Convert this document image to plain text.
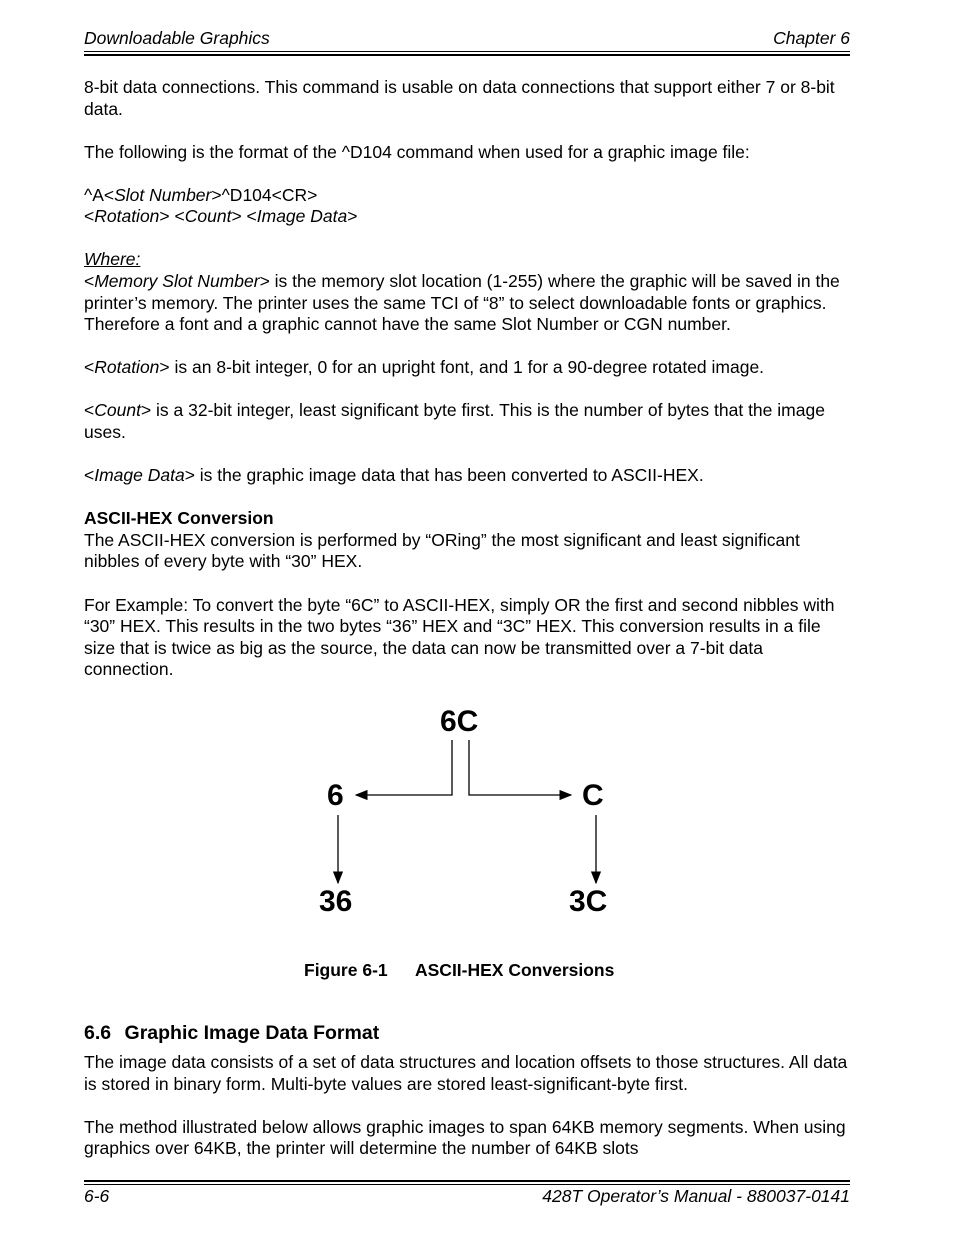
Downloadable Graphics	Chapter 6

8-bit data connections. This command is usable on data connections that support either 7 or 8-bit data.

The following is the format of the ^D104 command when used for a graphic image file:

^A<Slot Number>^D104<CR>
<Rotation> <Count> <Image Data>

Where:

<Memory Slot Number> is the memory slot location (1-255) where the graphic will be saved in the printer’s memory. The printer uses the same TCI of “8” to select downloadable fonts or graphics. Therefore a font and a graphic cannot have the same Slot Number or CGN number.

<Rotation> is an 8-bit integer, 0 for an upright font, and 1 for a 90-degree rotated image.

<Count> is a 32-bit integer, least significant byte first. This is the number of bytes that the image uses.

<Image Data> is the graphic image data that has been converted to ASCII-HEX.

ASCII-HEX Conversion

The ASCII-HEX conversion is performed by “ORing” the most significant and least significant nibbles of every byte with “30” HEX.

For Example: To convert the byte “6C” to ASCII-HEX, simply OR the first and second nibbles with “30” HEX. This results in the two bytes “36” HEX and “3C” HEX. This conversion results in a file size that is twice as big as the source, the data can now be transmitted over a 7-bit data connection.

6C
6	C
36	3C
Figure 6-1 ASCII-HEX Conversions
6.6 Graphic Image Data Format

The image data consists of a set of data structures and location offsets to those structures. All data is stored in binary form. Multi-byte values are stored least-significant-byte first.

The method illustrated below allows graphic images to span 64KB memory segments. When using graphics over 64KB, the printer will determine the number of 64KB slots

6-6	428T Operator’s Manual - 880037-0141
